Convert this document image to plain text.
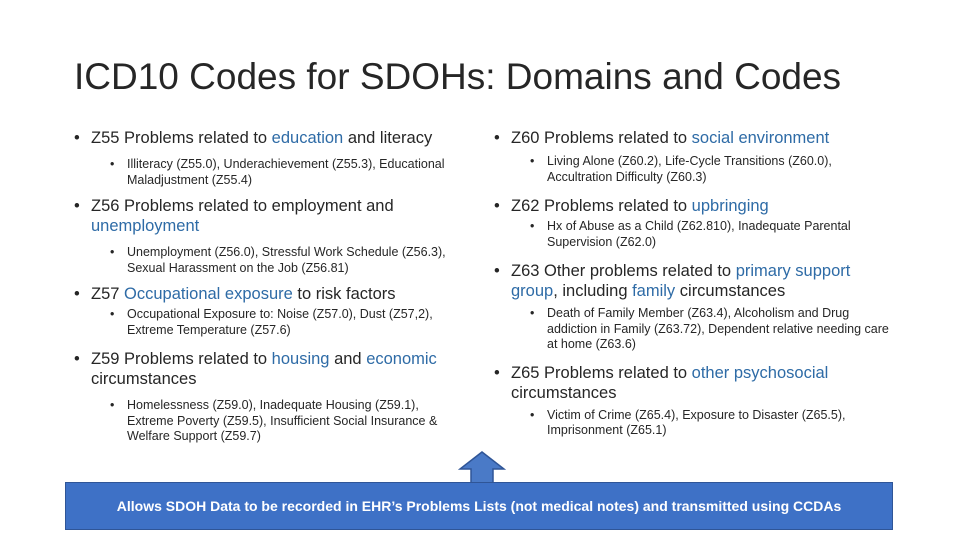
ICD10 Codes for SDOHs: Domains and Codes
• Z55 Problems related to education and literacy
• Illiteracy (Z55.0), Underachievement (Z55.3), Educational Maladjustment (Z55.4)
• Z56 Problems related to employment and unemployment
• Unemployment (Z56.0), Stressful Work Schedule (Z56.3), Sexual Harassment on the Job (Z56.81)
• Z57 Occupational exposure to risk factors
• Occupational Exposure to: Noise (Z57.0), Dust (Z57,2), Extreme Temperature (Z57.6)
• Z59 Problems related to housing and economic circumstances
• Homelessness (Z59.0), Inadequate Housing (Z59.1), Extreme Poverty (Z59.5), Insufficient Social Insurance & Welfare Support (Z59.7)
• Z60 Problems related to social environment
• Living Alone (Z60.2), Life-Cycle Transitions (Z60.0), Accultration Difficulty (Z60.3)
• Z62 Problems related to upbringing
• Hx of Abuse as a Child (Z62.810), Inadequate Parental Supervision (Z62.0)
• Z63 Other problems related to primary support group, including family circumstances
• Death of Family Member (Z63.4), Alcoholism and Drug addiction in Family (Z63.72), Dependent relative needing care at home (Z63.6)
• Z65 Problems related to other psychosocial circumstances
• Victim of Crime (Z65.4), Exposure to Disaster (Z65.5), Imprisonment (Z65.1)
Allows SDOH Data to be recorded in EHR’s Problems Lists (not medical notes) and transmitted using CCDAs
